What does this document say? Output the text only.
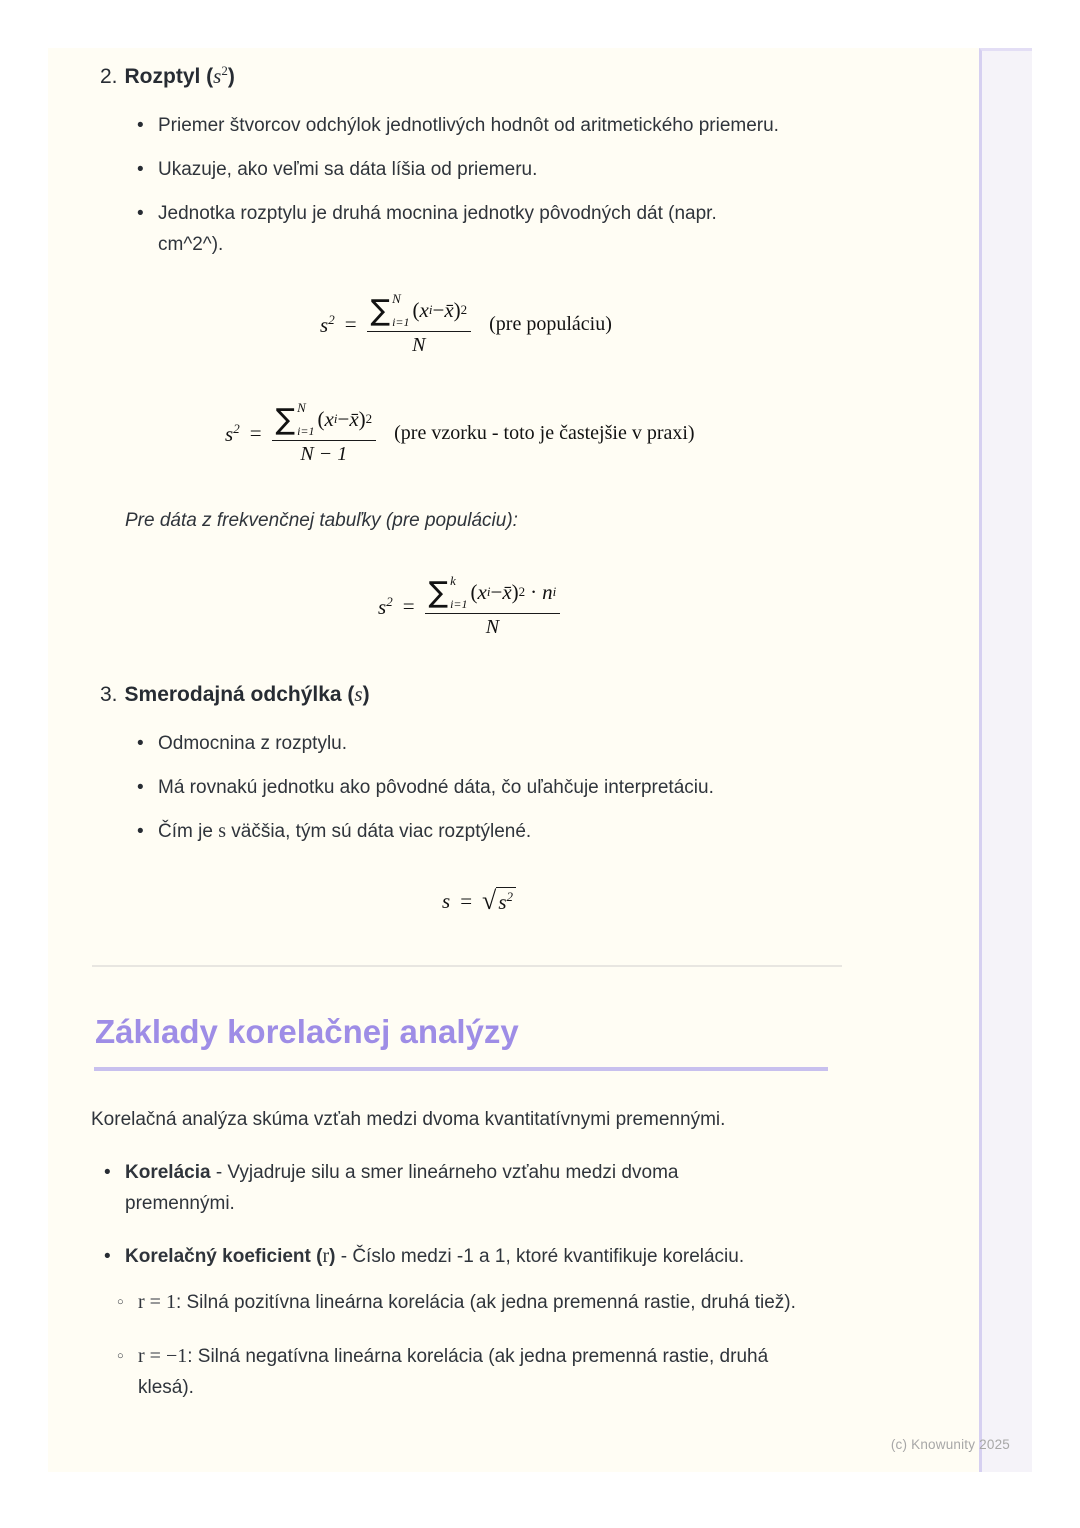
2. Rozptyl $(s^2)$
• Priemer štvorcov odchýlok jednotlivých hodnôt od aritmetického priemeru.
• Ukazuje, ako veľmi sa dáta líšia od priemeru.
• Jednotka rozptylu je druhá mocnina jednotky pôvodných dát (napr. cm^2^).
$s^2$ = ∑ N
i=1
( x i − x̄ ) 2
N
(pre populáciu)
$s^2$ = ∑ N
i=1
( x i − x̄ ) 2
N − 1
(pre vzorku - toto je častejšie v praxi)
Pre dáta z frekvenčnej tabuľky (pre populáciu):
$s^2$ = ∑ k
i=1
( x i − x̄ ) 2 · n i
N
3. Smerodajná odchýlka (s)
• Odmocnina z rozptylu.
• Má rovnakú jednotku ako pôvodné dáta, čo uľahčuje interpretáciu.
• Čím je s väčšia, tým sú dáta viac rozptýlené.
s = √ $s^2$
Základy korelačnej analýzy
Korelačná analýza skúma vzťah medzi dvoma kvantitatívnymi premennými.
• Korelácia - Vyjadruje silu a smer lineárneho vzťahu medzi dvoma premennými.
• Korelačný koeficient (r) - Číslo medzi -1 a 1, ktoré kvantifikuje koreláciu.
○ r = 1: Silná pozitívna lineárna korelácia (ak jedna premenná rastie, druhá tiež).
○ r = −1: Silná negatívna lineárna korelácia (ak jedna premenná rastie, druhá klesá).
(c) Knowunity 2025
